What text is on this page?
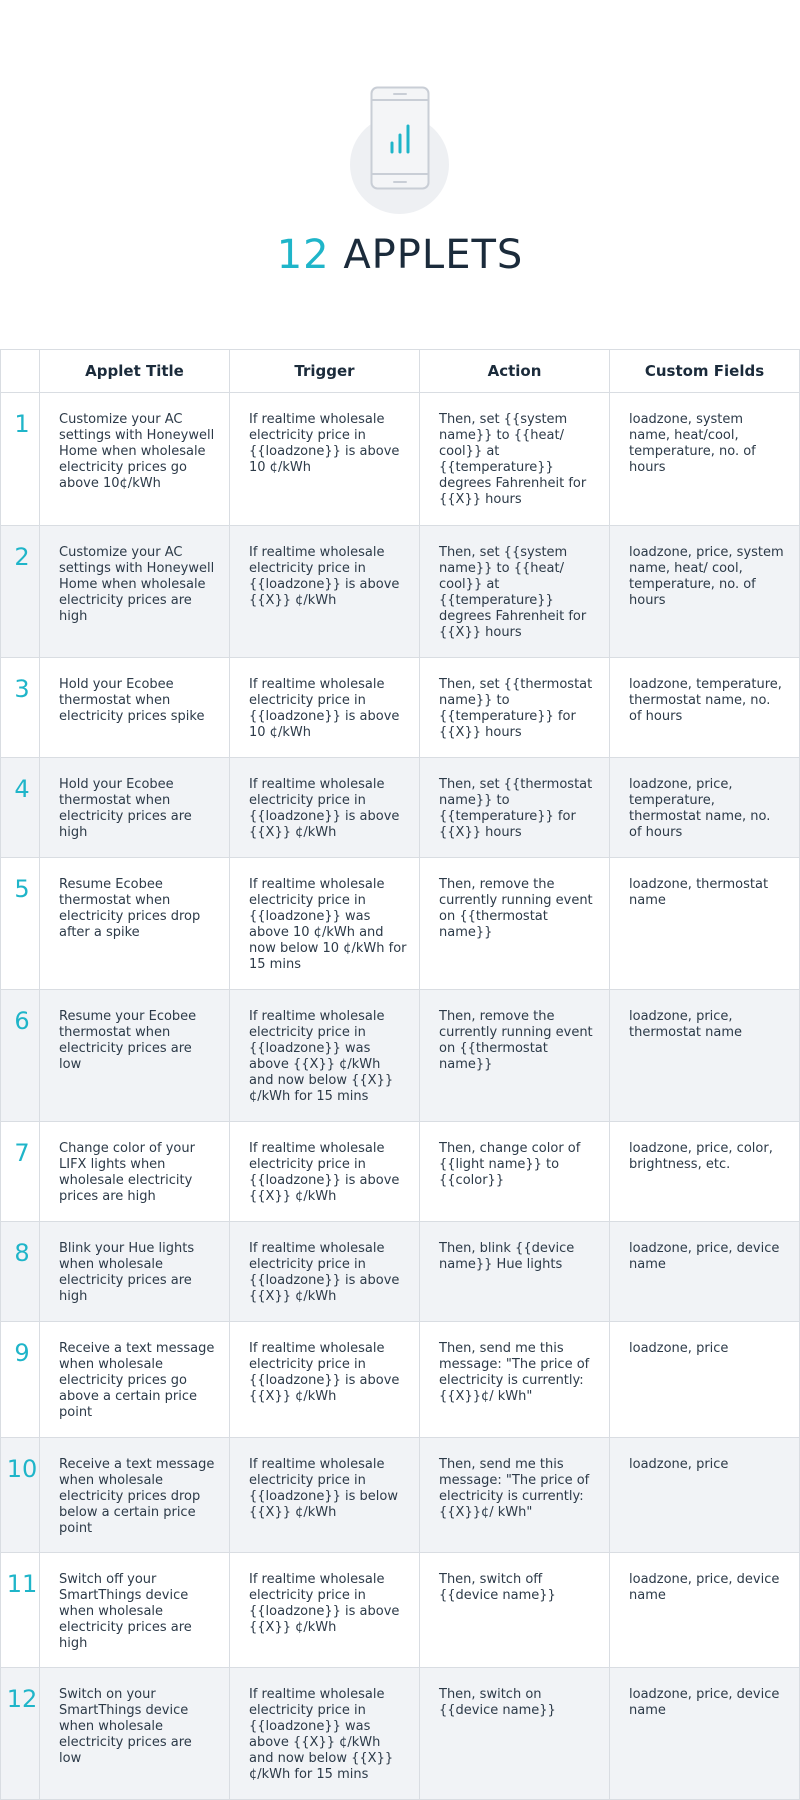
12 APPLETS
	Applet Title	Trigger	Action	Custom Fields
1	Customize your AC settings with Honeywell Home when wholesale electricity prices go above 10¢/kWh	If realtime wholesale electricity price in {{loadzone}} is above 10 ¢/kWh	Then, set {{system name}} to {{heat/ cool}} at {{temperature}} degrees Fahrenheit for {{X}} hours	loadzone, system name, heat/cool, temperature, no. of hours
2	Customize your AC settings with Honeywell Home when wholesale electricity prices are high	If realtime wholesale electricity price in {{loadzone}} is above {{X}} ¢/kWh	Then, set {{system name}} to {{heat/ cool}} at {{temperature}} degrees Fahrenheit for {{X}} hours	loadzone, price, system name, heat/ cool, temperature, no. of hours
3	Hold your Ecobee thermostat when electricity prices spike	If realtime wholesale electricity price in {{loadzone}} is above 10 ¢/kWh	Then, set {{thermostat name}} to {{temperature}} for {{X}} hours	loadzone, temperature, thermostat name, no. of hours
4	Hold your Ecobee thermostat when electricity prices are high	If realtime wholesale electricity price in {{loadzone}} is above {{X}} ¢/kWh	Then, set {{thermostat name}} to {{temperature}} for {{X}} hours	loadzone, price, temperature, thermostat name, no. of hours
5	Resume Ecobee thermostat when electricity prices drop after a spike	If realtime wholesale electricity price in {{loadzone}} was above 10 ¢/kWh and now below 10 ¢/kWh for 15 mins	Then, remove the currently running event on {{thermostat name}}	loadzone, thermostat name
6	Resume your Ecobee thermostat when electricity prices are low	If realtime wholesale electricity price in {{loadzone}} was above {{X}} ¢/kWh and now below {{X}} ¢/kWh for 15 mins	Then, remove the currently running event on {{thermostat name}}	loadzone, price, thermostat name
7	Change color of your LIFX lights when wholesale electricity prices are high	If realtime wholesale electricity price in {{loadzone}} is above {{X}} ¢/kWh	Then, change color of {{light name}} to {{color}}	loadzone, price, color, brightness, etc.
8	Blink your Hue lights when wholesale electricity prices are high	If realtime wholesale electricity price in {{loadzone}} is above {{X}} ¢/kWh	Then, blink {{device name}} Hue lights	loadzone, price, device name
9	Receive a text message when wholesale electricity prices go above a certain price point	If realtime wholesale electricity price in {{loadzone}} is above {{X}} ¢/kWh	Then, send me this message: "The price of electricity is currently: {{X}}¢/ kWh"	loadzone, price
10	Receive a text message when wholesale electricity prices drop below a certain price point	If realtime wholesale electricity price in {{loadzone}} is below {{X}} ¢/kWh	Then, send me this message: "The price of electricity is currently: {{X}}¢/ kWh"	loadzone, price
11	Switch off your SmartThings device when wholesale electricity prices are high	If realtime wholesale electricity price in {{loadzone}} is above {{X}} ¢/kWh	Then, switch off {{device name}}	loadzone, price, device name
12	Switch on your SmartThings device when wholesale electricity prices are low	If realtime wholesale electricity price in {{loadzone}} was above {{X}} ¢/kWh and now below {{X}} ¢/kWh for 15 mins	Then, switch on {{device name}}	loadzone, price, device name
